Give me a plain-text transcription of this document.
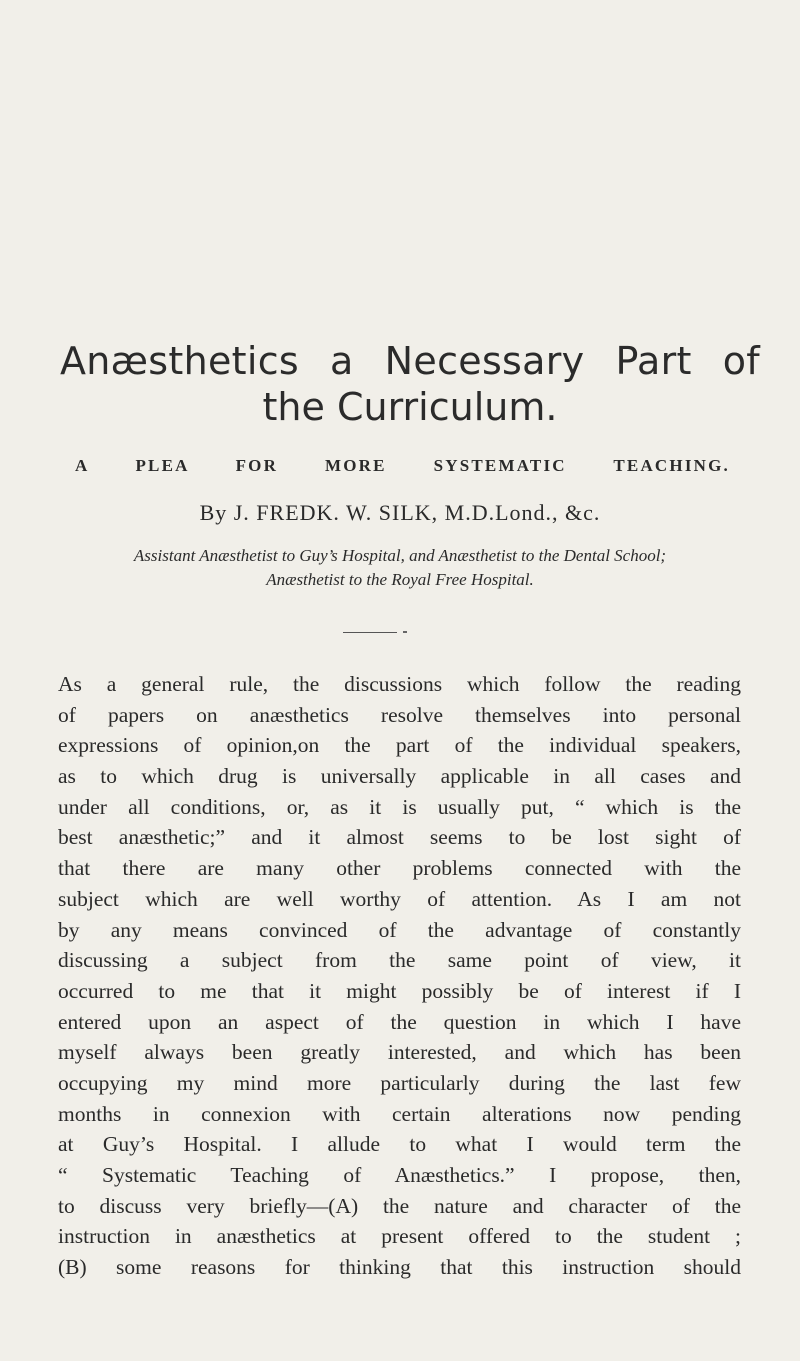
Anæsthetics a Necessary Part of
the Curriculum.
A PLEA FOR MORE SYSTEMATIC TEACHING.
By J. FREDK. W. SILK, M.D.Lond., &c.
Assistant Anæsthetist to Guy’s Hospital, and Anæsthetist to the Dental School;
Anæsthetist to the Royal Free Hospital.
As a general rule, the discussions which follow the reading
of papers on anæsthetics resolve themselves into personal
expressions of opinion,on the part of the individual speakers,
as to which drug is universally applicable in all cases and
under all conditions, or, as it is usually put, “ which is the
best anæsthetic;” and it almost seems to be lost sight of
that there are many other problems connected with the
subject which are well worthy of attention. As I am not
by any means convinced of the advantage of constantly
discussing a subject from the same point of view, it
occurred to me that it might possibly be of interest if I
entered upon an aspect of the question in which I have
myself always been greatly interested, and which has been
occupying my mind more particularly during the last few
months in connexion with certain alterations now pending
at Guy’s Hospital. I allude to what I would term the
“ Systematic Teaching of Anæsthetics.” I propose, then,
to discuss very briefly—(A) the nature and character of the
instruction in anæsthetics at present offered to the student ;
(B) some reasons for thinking that this instruction should
